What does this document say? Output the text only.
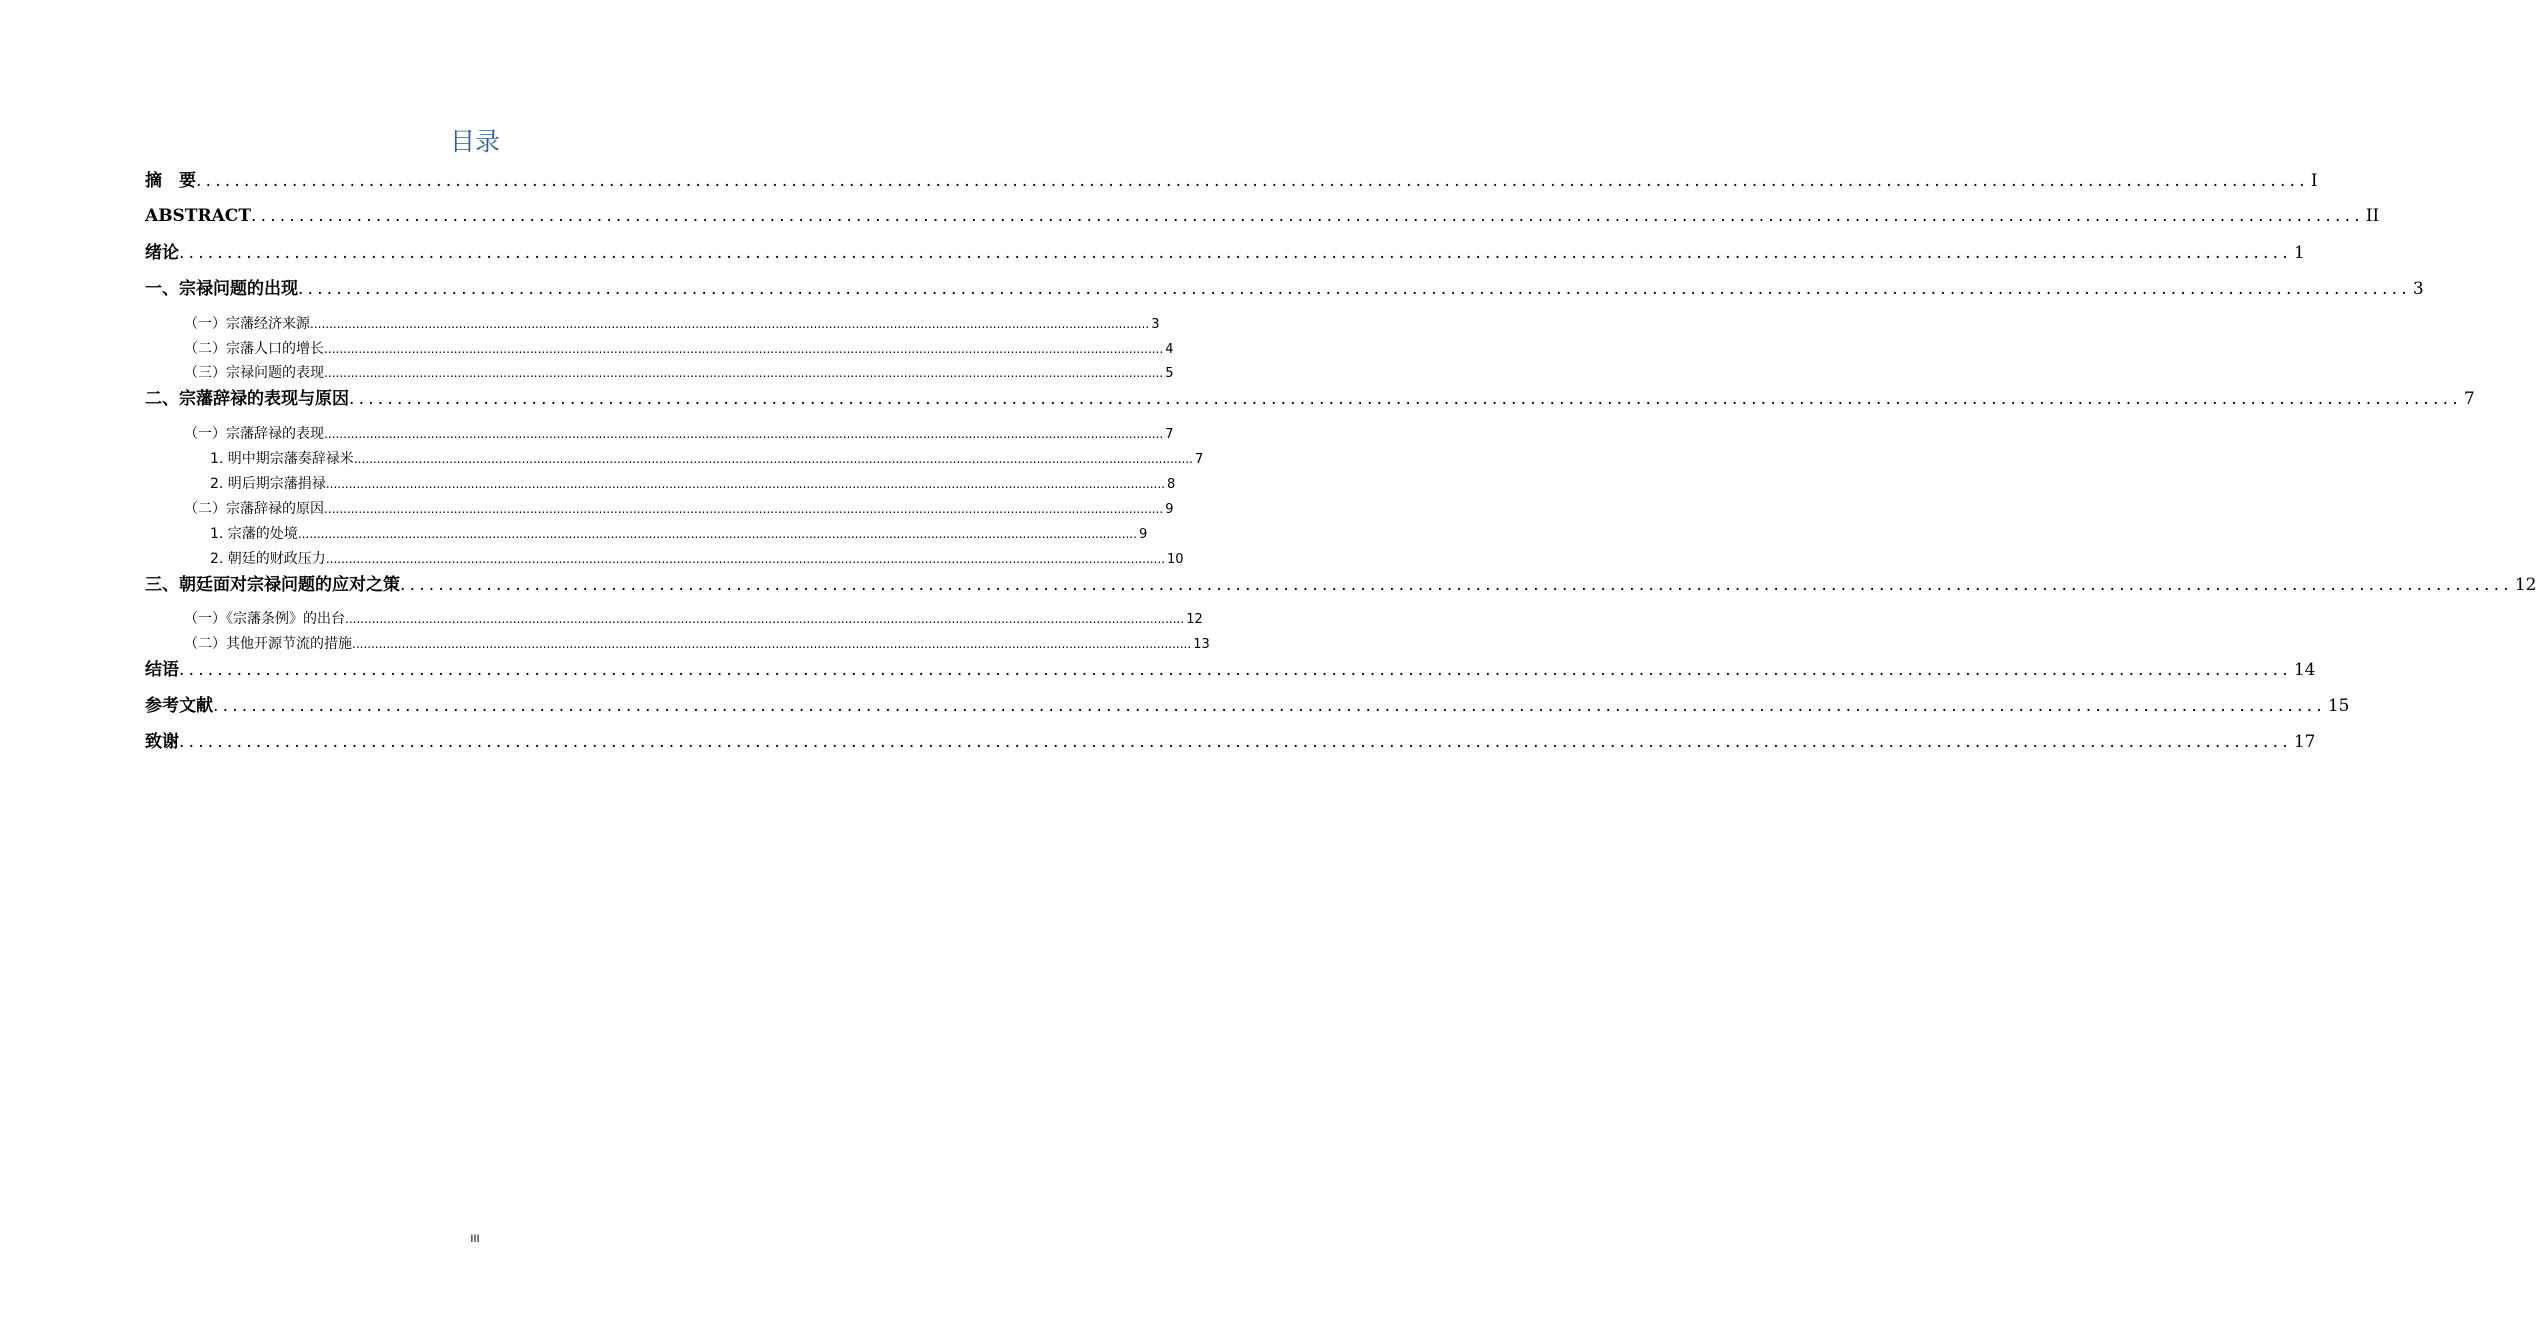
目录
摘　要 ............................................................................................................................................................................................................................ I
ABSTRACT ............................................................................................................................................................................................................................ II
绪论 ............................................................................................................................................................................................................................ 1
一、宗禄问题的出现 ............................................................................................................................................................................................................................ 3
（一）宗藩经济来源 ............................................................................................................................................................................................................................ 3
（二）宗藩人口的增长 ............................................................................................................................................................................................................................ 4
（三）宗禄问题的表现 ............................................................................................................................................................................................................................ 5
二、宗藩辞禄的表现与原因 ............................................................................................................................................................................................................................ 7
（一）宗藩辞禄的表现 ............................................................................................................................................................................................................................ 7
1. 明中期宗藩奏辞禄米 ............................................................................................................................................................................................................................ 7
2. 明后期宗藩捐禄 ............................................................................................................................................................................................................................ 8
（二）宗藩辞禄的原因 ............................................................................................................................................................................................................................ 9
1. 宗藩的处境 ............................................................................................................................................................................................................................ 9
2. 朝廷的财政压力 ............................................................................................................................................................................................................................ 10
三、朝廷面对宗禄问题的应对之策 ............................................................................................................................................................................................................................ 12
（一）《宗藩条例》的出台 ............................................................................................................................................................................................................................ 12
（二）其他开源节流的措施 ............................................................................................................................................................................................................................ 13
结语 ............................................................................................................................................................................................................................ 14
参考文献 ............................................................................................................................................................................................................................ 15
致谢 ............................................................................................................................................................................................................................ 17
III
